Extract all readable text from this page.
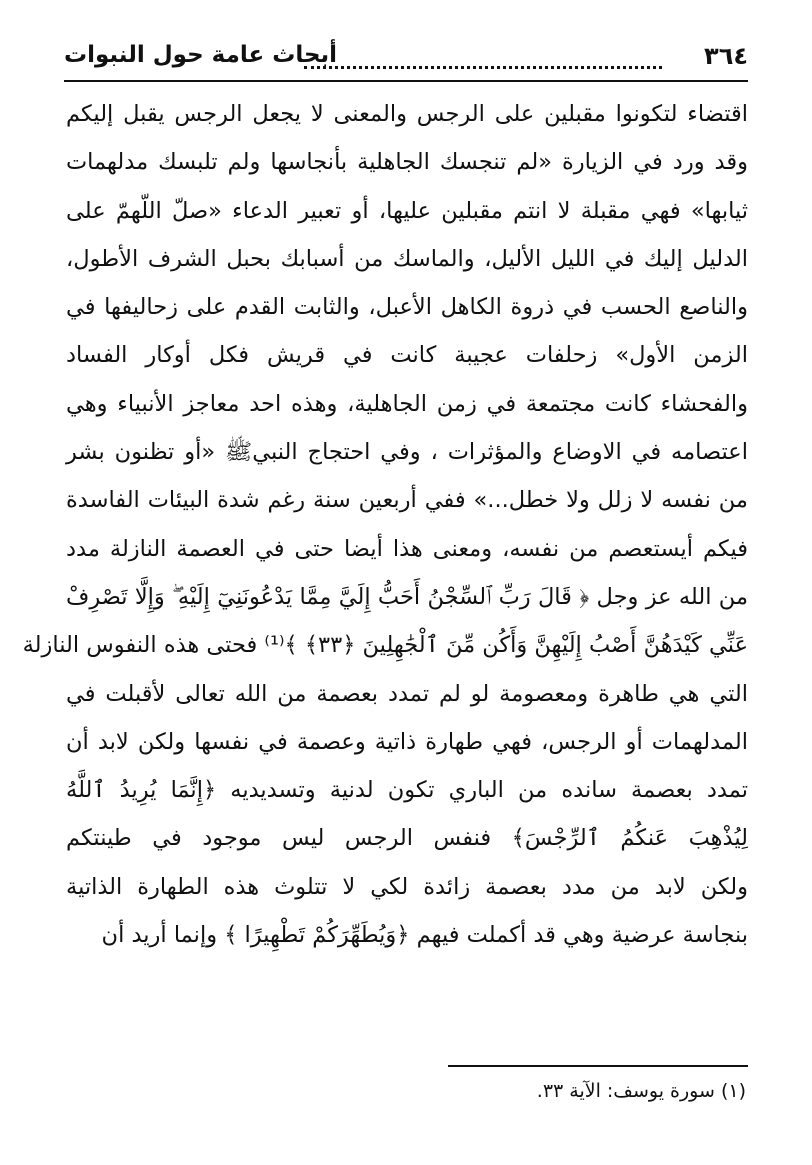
٣٦٤
أبحاث عامة حول النبوات
اقتضاء لتكونوا مقبلين على الرجس والمعنى لا يجعل الرجس يقبل إليكم
وقد ورد في الزيارة «لم تنجسك الجاهلية بأنجاسها ولم تلبسك مدلهمات
ثيابها» فهي مقبلة لا انتم مقبلين عليها، أو تعبير الدعاء «صلّ اللّهمّ على
الدليل إليك في الليل الأليل، والماسك من أسبابك بحبل الشرف الأطول،
والناصع الحسب في ذروة الكاهل الأعبل، والثابت القدم على زحاليفها في
الزمن الأول» زحلفات عجيبة كانت في قريش فكل أوكار الفساد
والفحشاء كانت مجتمعة في زمن الجاهلية، وهذه احد معاجز الأنبياء وهي
اعتصامه في الاوضاع والمؤثرات ، وفي احتجاج النبيﷺ «أو تظنون بشر
من نفسه لا زلل ولا خطل...» ففي أربعين سنة رغم شدة البيئات الفاسدة
فيكم أيستعصم من نفسه، ومعنى هذا أيضا حتى في العصمة النازلة مدد
من الله عز وجل ﴿ قَالَ رَبِّ ٱلسِّجْنُ أَحَبُّ إِلَيَّ مِمَّا يَدْعُونَنِيٓ إِلَيْهِ ۖ وَإِلَّا تَصْرِفْ
عَنِّي كَيْدَهُنَّ أَصْبُ إِلَيْهِنَّ وَأَكُن مِّنَ ٱلْجَٰهِلِينَ ﴿٣٣﴾ ﴾⁽¹⁾ فحتى هذه النفوس النازلة
التي هي طاهرة ومعصومة لو لم تمدد بعصمة من الله تعالى لأقبلت في
المدلهمات أو الرجس، فهي طهارة ذاتية وعصمة في نفسها ولكن لابد أن
تمدد بعصمة سانده من الباري تكون لدنية وتسديديه ﴿إِنَّمَا يُرِيدُ ٱللَّهُ
لِيُذْهِبَ عَنكُمُ ٱلرِّجْسَ﴾ فنفس الرجس ليس موجود في طينتكم
ولكن لابد من مدد بعصمة زائدة لكي لا تتلوث هذه الطهارة الذاتية
بنجاسة عرضية وهي قد أكملت فيهم ﴿وَيُطَهِّرَكُمْ تَطْهِيرًا ﴾ وإنما أريد أن
(١) سورة يوسف: الآية ٣٣.
